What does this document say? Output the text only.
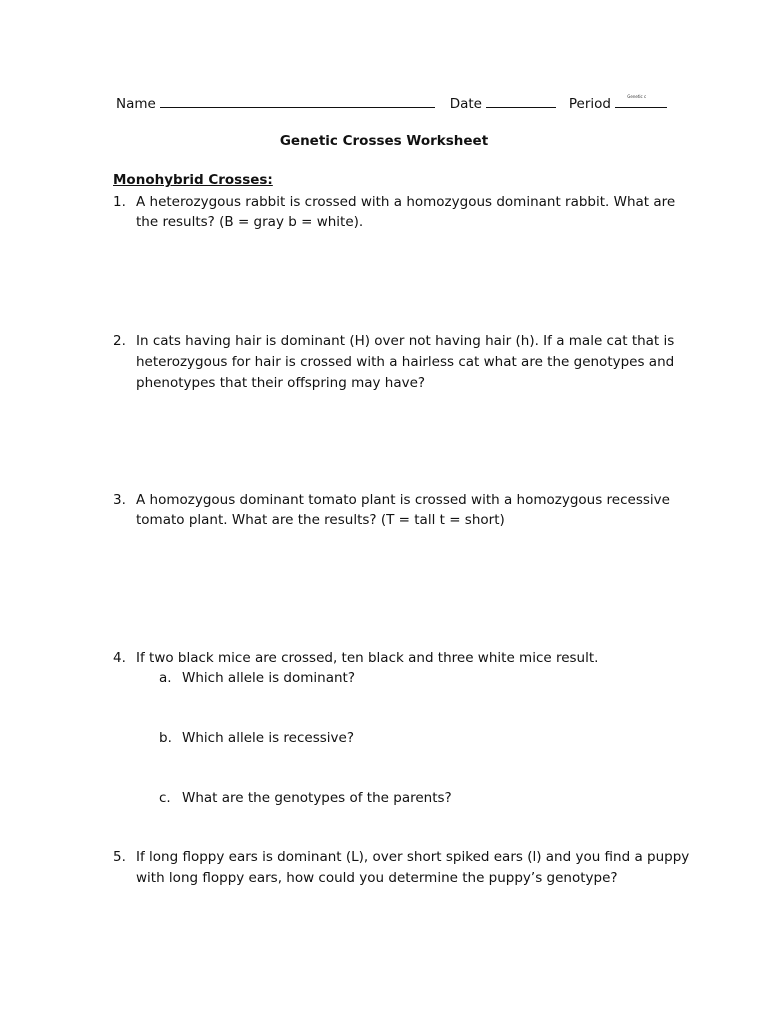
Name	Date	Period	Genetic c
Genetic Crosses Worksheet
Monohybrid Crosses:
1. A heterozygous rabbit is crossed with a homozygous dominant rabbit. What are
the results? (B = gray b = white).
2. In cats having hair is dominant (H) over not having hair (h). If a male cat that is
heterozygous for hair is crossed with a hairless cat what are the genotypes and
phenotypes that their offspring may have?
3. A homozygous dominant tomato plant is crossed with a homozygous recessive
tomato plant. What are the results? (T = tall t = short)
4. If two black mice are crossed, ten black and three white mice result.
a. Which allele is dominant?
b. Which allele is recessive?
c. What are the genotypes of the parents?
5. If long floppy ears is dominant (L), over short spiked ears (l) and you find a puppy
with long floppy ears, how could you determine the puppy’s genotype?
